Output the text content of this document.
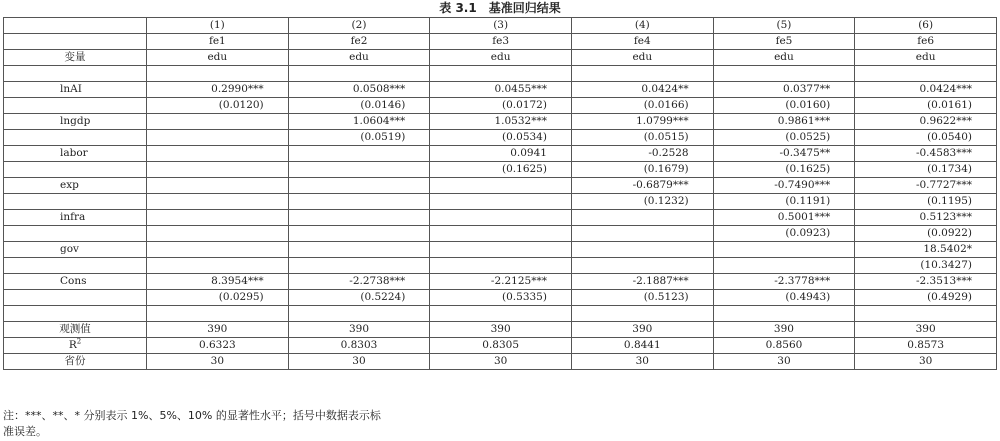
表 3.1　基准回归结果
	(1)	(2)	(3)	(4)	(5)	(6)
	fe1	fe2	fe3	fe4	fe5	fe6
变量	edu	edu	edu	edu	edu	edu

lnAI	0.2990***	0.0508***	0.0455***	0.0424**	0.0377**	0.0424***
	(0.0120)	(0.0146)	(0.0172)	(0.0166)	(0.0160)	(0.0161)
lngdp		1.0604***	1.0532***	1.0799***	0.9861***	0.9622***
		(0.0519)	(0.0534)	(0.0515)	(0.0525)	(0.0540)
labor			0.0941	-0.2528	-0.3475**	-0.4583***
			(0.1625)	(0.1679)	(0.1625)	(0.1734)
exp				-0.6879***	-0.7490***	-0.7727***
				(0.1232)	(0.1191)	(0.1195)
infra					0.5001***	0.5123***
					(0.0923)	(0.0922)
gov						18.5402*
						(10.3427)
Cons	8.3954***	-2.2738***	-2.2125***	-2.1887***	-2.3778***	-2.3513***
	(0.0295)	(0.5224)	(0.5335)	(0.5123)	(0.4943)	(0.4929)

观测值	390	390	390	390	390	390
$R^2$	0.6323	0.8303	0.8305	0.8441	0.8560	0.8573
省份	30	30	30	30	30	30
注：***、**、* 分别表示 1%、5%、10% 的显著性水平；括号中数据表示标
准误差。
